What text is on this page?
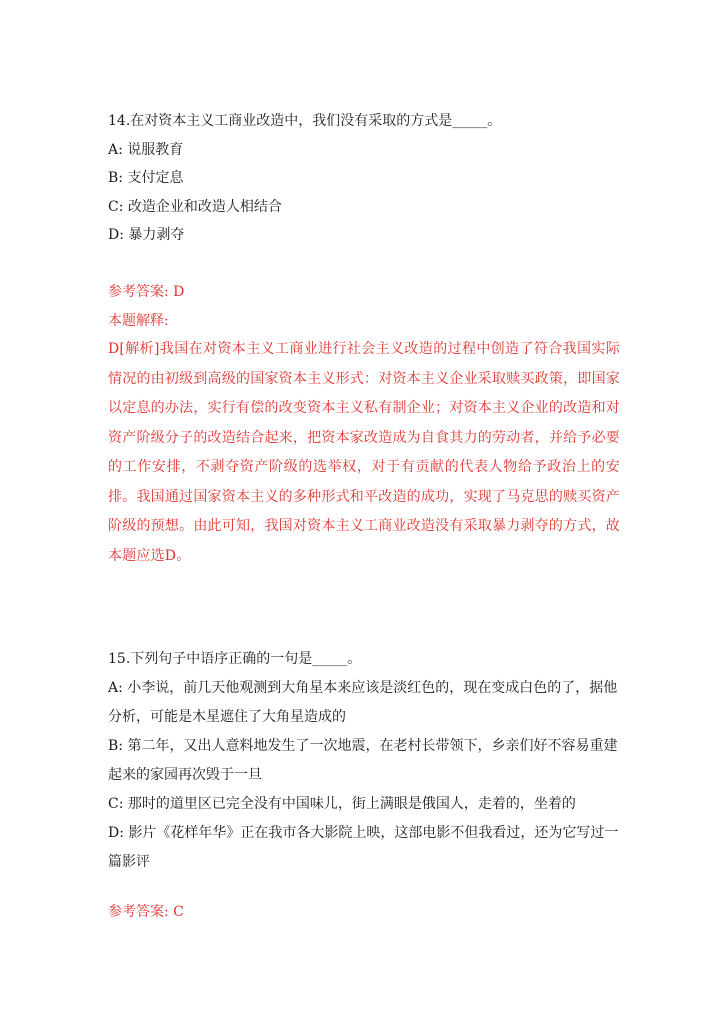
14.在对资本主义工商业改造中，我们没有采取的方式是_____。
A: 说服教育
B: 支付定息
C: 改造企业和改造人相结合
D: 暴力剥夺
参考答案: D
本题解释:
D[解析]我国在对资本主义工商业进行社会主义改造的过程中创造了符合我国实际情况的由初级到高级的国家资本主义形式：对资本主义企业采取赎买政策，即国家以定息的办法，实行有偿的改变资本主义私有制企业；对资本主义企业的改造和对资产阶级分子的改造结合起来，把资本家改造成为自食其力的劳动者，并给予必要的工作安排，不剥夺资产阶级的选举权，对于有贡献的代表人物给予政治上的安排。我国通过国家资本主义的多种形式和平改造的成功，实现了马克思的赎买资产阶级的预想。由此可知，我国对资本主义工商业改造没有采取暴力剥夺的方式，故本题应选D。
15.下列句子中语序正确的一句是_____。
A: 小李说，前几天他观测到大角星本来应该是淡红色的，现在变成白色的了，据他分析，可能是木星遮住了大角星造成的
B: 第二年，又出人意料地发生了一次地震，在老村长带领下，乡亲们好不容易重建起来的家园再次毁于一旦
C: 那时的道里区已完全没有中国味儿，街上满眼是俄国人，走着的，坐着的
D: 影片《花样年华》正在我市各大影院上映，这部电影不但我看过，还为它写过一篇影评
参考答案: C
